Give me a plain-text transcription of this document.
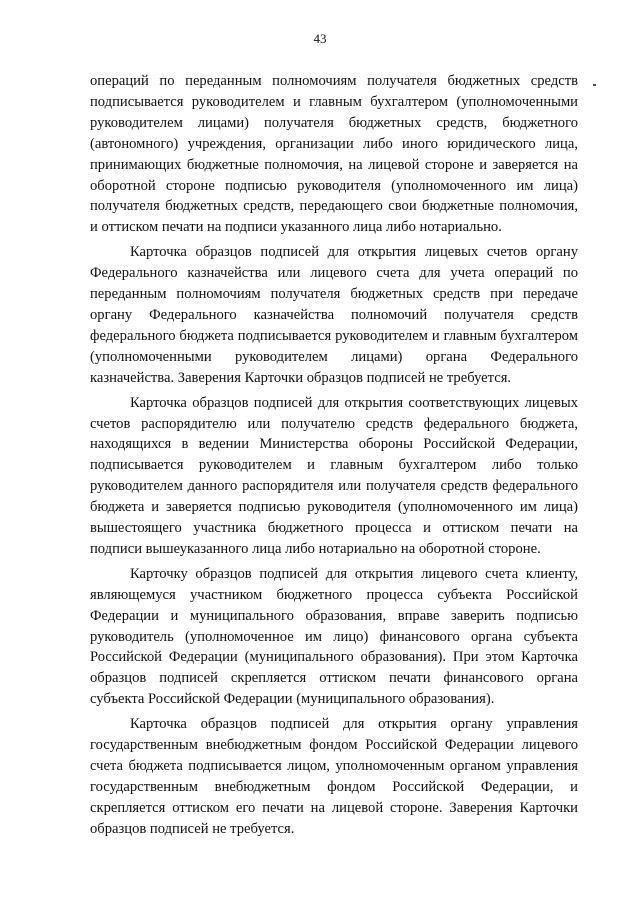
43

операций по переданным полномочиям получателя бюджетных средств подписывается руководителем и главным бухгалтером (уполномоченными руководителем лицами) получателя бюджетных средств, бюджетного (автономного) учреждения, организации либо иного юридического лица, принимающих бюджетные полномочия, на лицевой стороне и заверяется на оборотной стороне подписью руководителя (уполномоченного им лица) получателя бюджетных средств, передающего свои бюджетные полномочия, и оттиском печати на подписи указанного лица либо нотариально.

Карточка образцов подписей для открытия лицевых счетов органу Федерального казначейства или лицевого счета для учета операций по переданным полномочиям получателя бюджетных средств при передаче органу Федерального казначейства полномочий получателя средств федерального бюджета подписывается руководителем и главным бухгалтером (уполномоченными руководителем лицами) органа Федерального казначейства. Заверения Карточки образцов подписей не требуется.

Карточка образцов подписей для открытия соответствующих лицевых счетов распорядителю или получателю средств федерального бюджета, находящихся в ведении Министерства обороны Российской Федерации, подписывается руководителем и главным бухгалтером либо только руководителем данного распорядителя или получателя средств федерального бюджета и заверяется подписью руководителя (уполномоченного им лица) вышестоящего участника бюджетного процесса и оттиском печати на подписи вышеуказанного лица либо нотариально на оборотной стороне.

Карточку образцов подписей для открытия лицевого счета клиенту, являющемуся участником бюджетного процесса субъекта Российской Федерации и муниципального образования, вправе заверить подписью руководитель (уполномоченное им лицо) финансового органа субъекта Российской Федерации (муниципального образования). При этом Карточка образцов подписей скрепляется оттиском печати финансового органа субъекта Российской Федерации (муниципального образования).

Карточка образцов подписей для открытия органу управления государственным внебюджетным фондом Российской Федерации лицевого счета бюджета подписывается лицом, уполномоченным органом управления государственным внебюджетным фондом Российской Федерации, и скрепляется оттиском его печати на лицевой стороне. Заверения Карточки образцов подписей не требуется.
